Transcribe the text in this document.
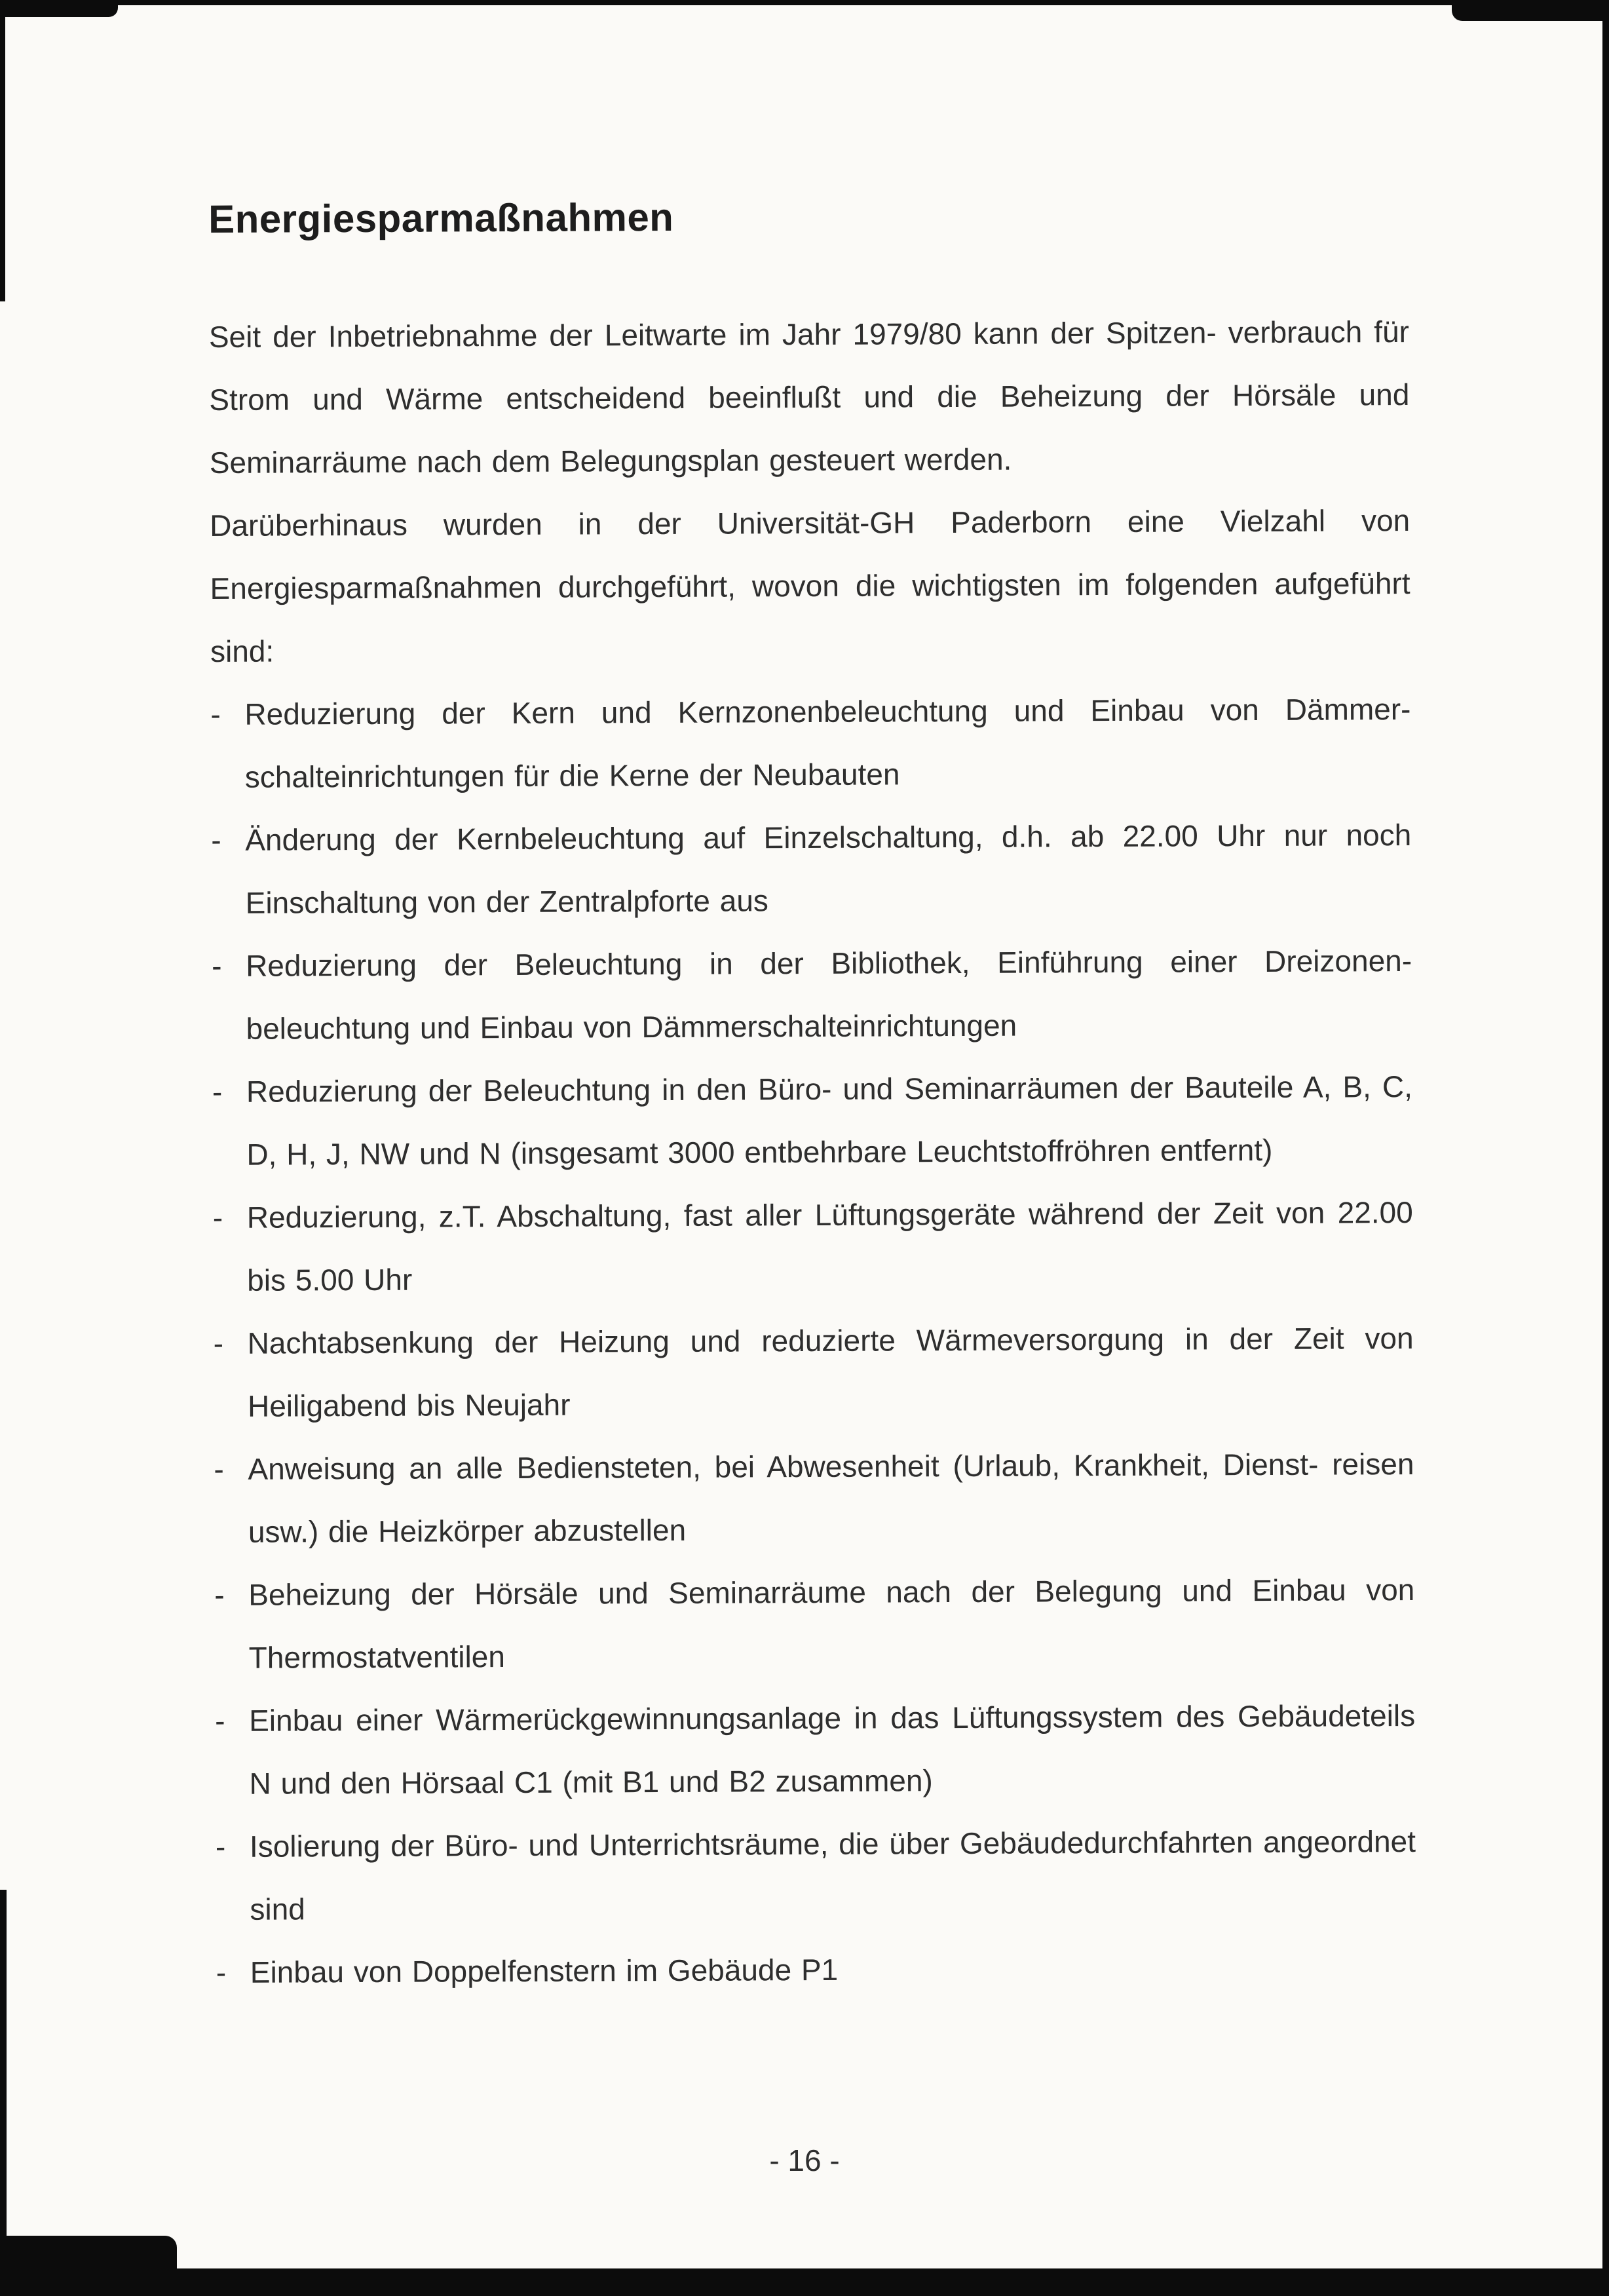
Energiesparmaßnahmen

Seit der Inbetriebnahme der Leitwarte im Jahr 1979/80 kann der Spitzen- verbrauch für Strom und Wärme entscheidend beeinflußt und die Beheizung der Hörsäle und Seminarräume nach dem Belegungsplan gesteuert werden.

Darüberhinaus wurden in der Universität-GH Paderborn eine Vielzahl von Energiesparmaßnahmen durchgeführt, wovon die wichtigsten im folgenden aufgeführt sind:

- Reduzierung der Kern und Kernzonenbeleuchtung und Einbau von Dämmer- schalteinrichtungen für die Kerne der Neubauten
- Änderung der Kernbeleuchtung auf Einzelschaltung, d.h. ab 22.00 Uhr nur noch Einschaltung von der Zentralpforte aus
- Reduzierung der Beleuchtung in der Bibliothek, Einführung einer Dreizonen- beleuchtung und Einbau von Dämmerschalteinrichtungen
- Reduzierung der Beleuchtung in den Büro- und Seminarräumen der Bauteile A, B, C, D, H, J, NW und N (insgesamt 3000 entbehrbare Leuchtstoffröhren entfernt)
- Reduzierung, z.T. Abschaltung, fast aller Lüftungsgeräte während der Zeit von 22.00 bis 5.00 Uhr
- Nachtabsenkung der Heizung und reduzierte Wärmeversorgung in der Zeit von Heiligabend bis Neujahr
- Anweisung an alle Bediensteten, bei Abwesenheit (Urlaub, Krankheit, Dienst- reisen usw.) die Heizkörper abzustellen
- Beheizung der Hörsäle und Seminarräume nach der Belegung und Einbau von Thermostatventilen
- Einbau einer Wärmerückgewinnungsanlage in das Lüftungssystem des Gebäudeteils N und den Hörsaal C1 (mit B1 und B2 zusammen)
- Isolierung der Büro- und Unterrichtsräume, die über Gebäudedurchfahrten angeordnet sind
- Einbau von Doppelfenstern im Gebäude P1
- 16 -
